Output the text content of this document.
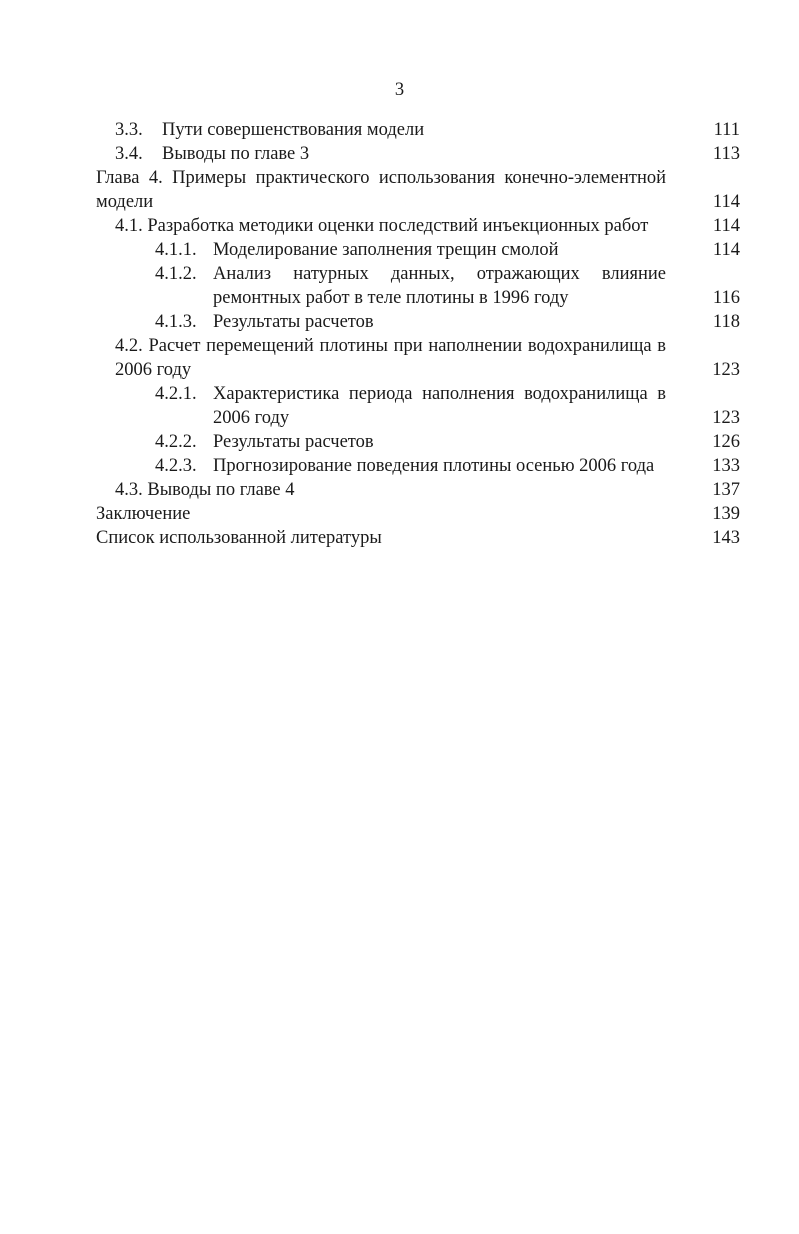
3
3.3. Пути совершенствования модели	111
3.4. Выводы по главе 3	113
Глава 4. Примеры практического использования конечно-элементной модели	114
4.1. Разработка методики оценки последствий инъекционных работ	114
4.1.1. Моделирование заполнения трещин смолой	114
4.1.2. Анализ натурных данных, отражающих влияние ремонтных работ в теле плотины в 1996 году	116
4.1.3. Результаты расчетов	118
4.2. Расчет перемещений плотины при наполнении водохранилища в 2006 году	123
4.2.1. Характеристика периода наполнения водохранилища в 2006 году	123
4.2.2. Результаты расчетов	126
4.2.3. Прогнозирование поведения плотины осенью 2006 года	133
4.3. Выводы по главе 4	137
Заключение	139
Список использованной литературы	143
